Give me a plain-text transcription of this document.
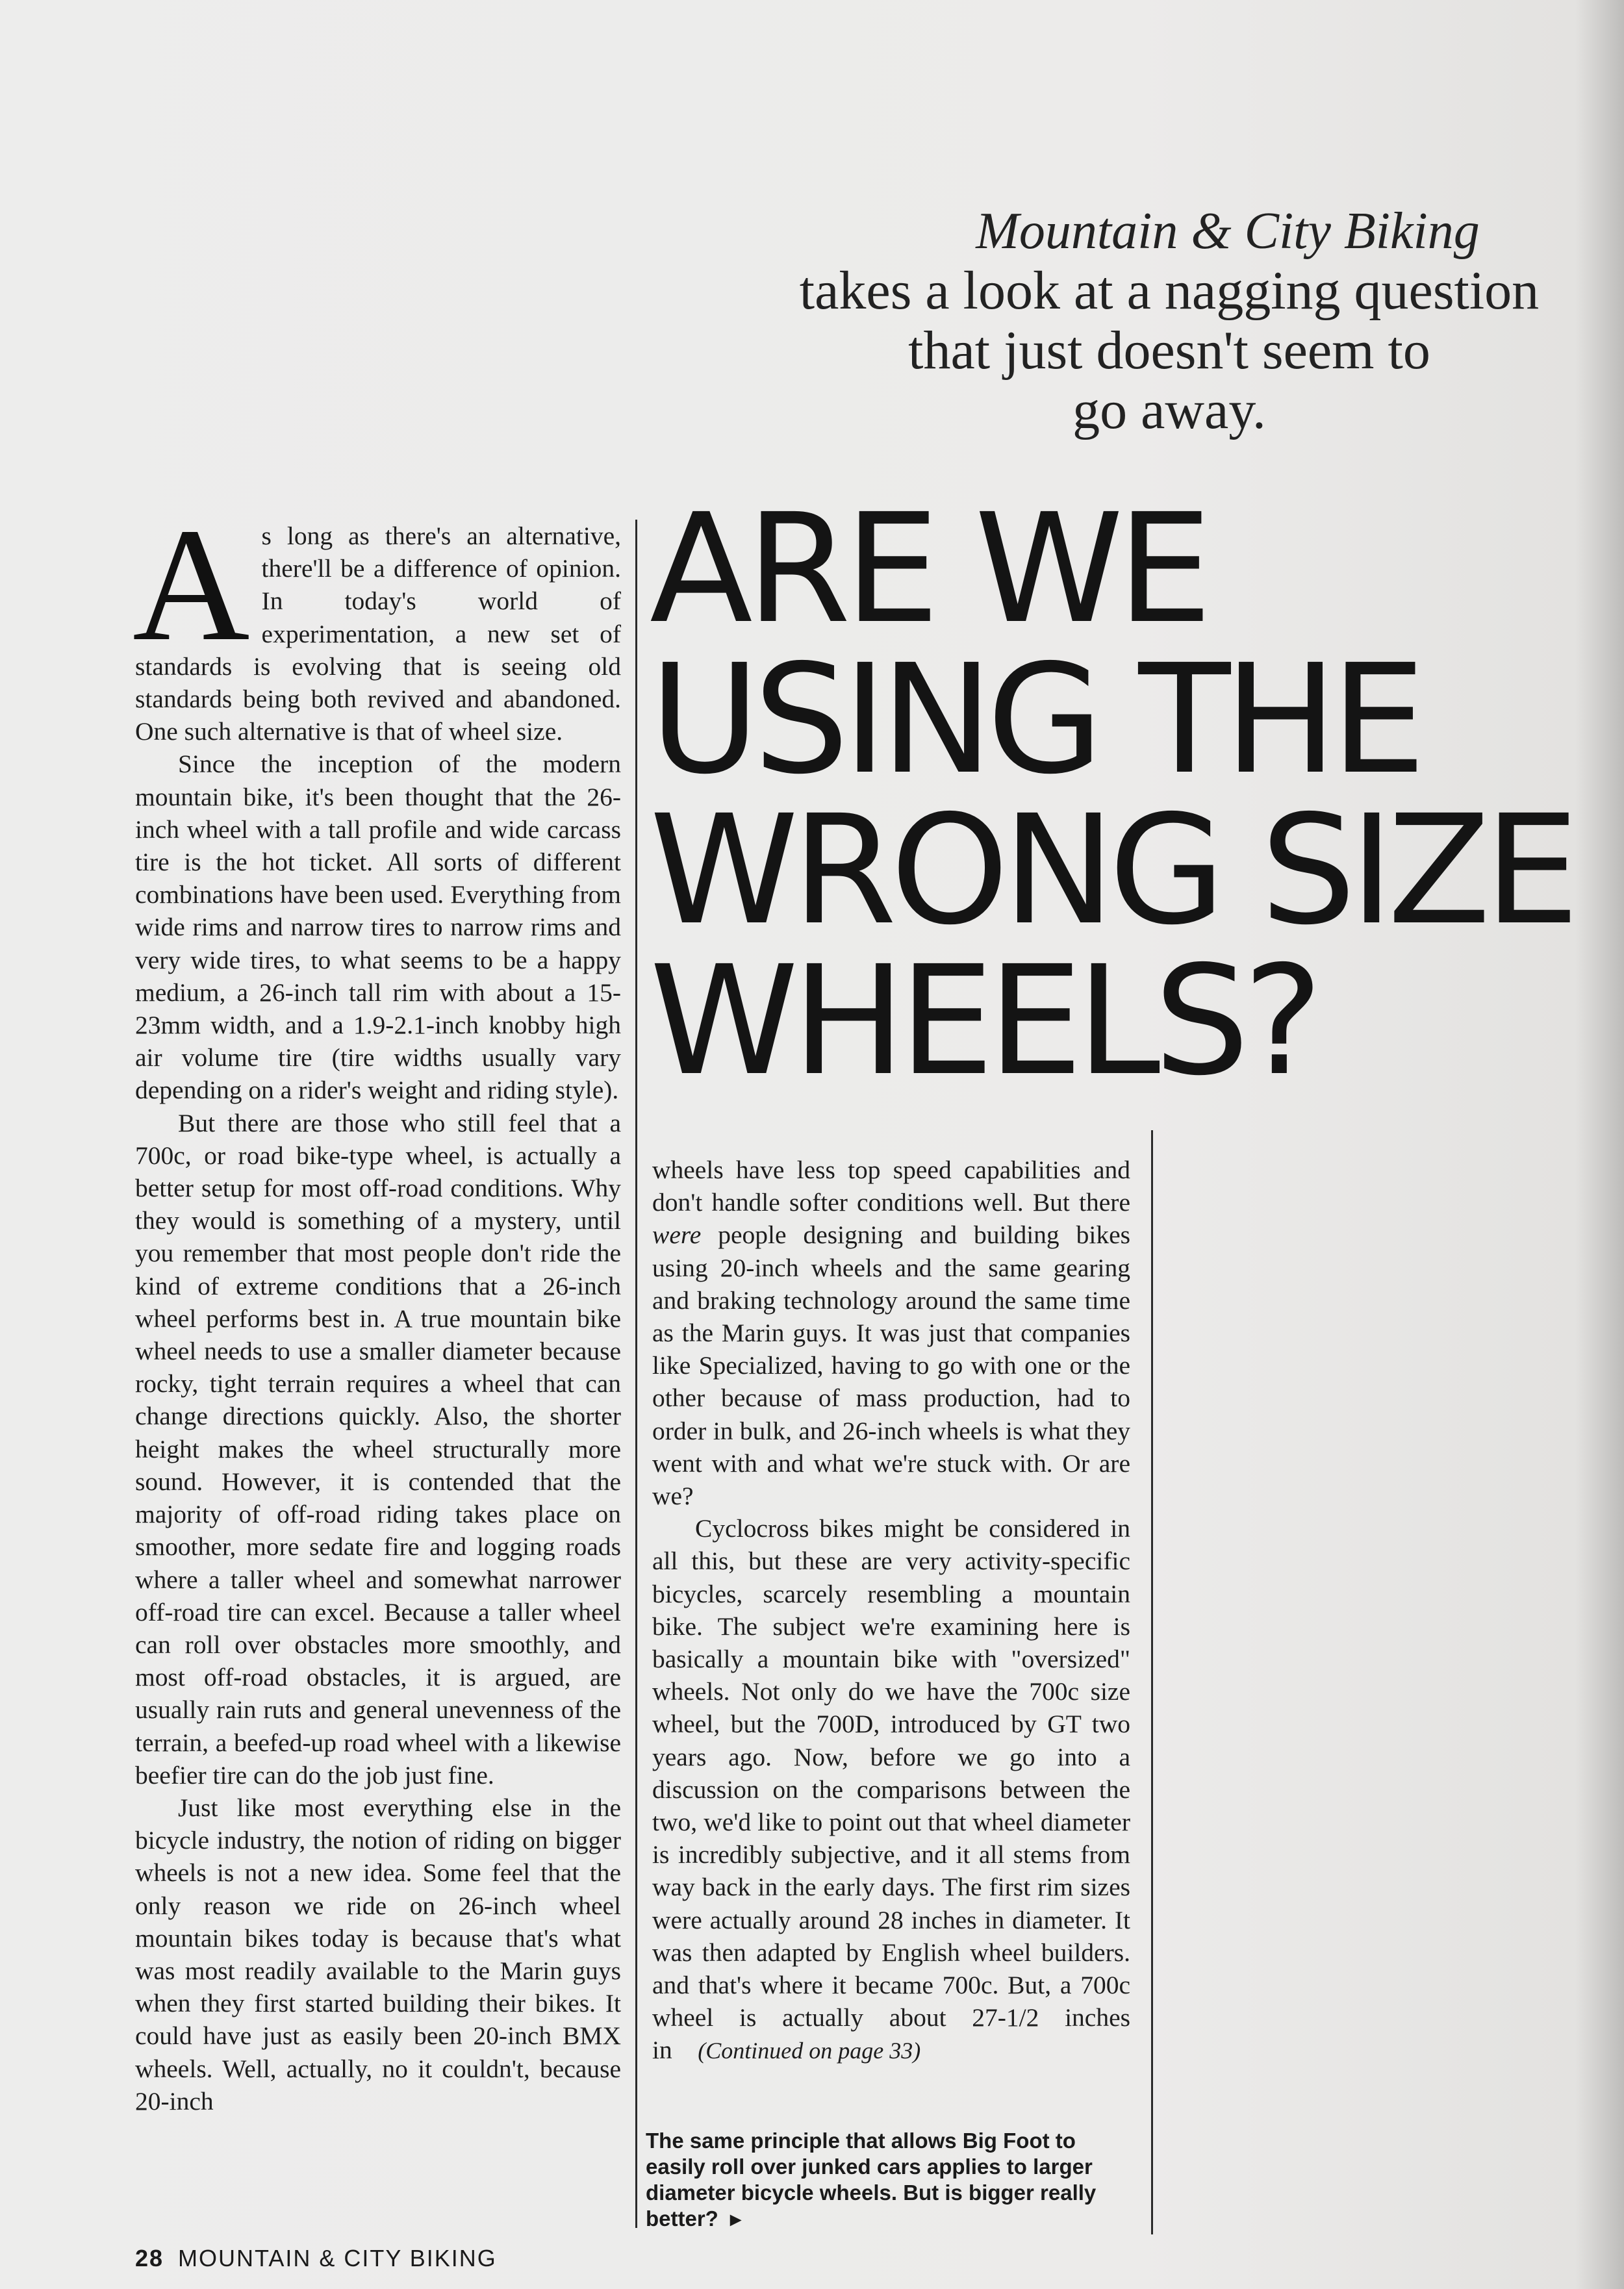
Mountain & City Biking
takes a look at a nagging question
that just doesn't seem to
go away.
ARE WE
USING THE
WRONG SIZE
WHEELS?

As long as there's an alternative, there'll be a difference of opinion. In today's world of experimentation, a new set of standards is evolving that is seeing old standards being both revived and abandoned. One such alternative is that of wheel size.

Since the inception of the modern mountain bike, it's been thought that the 26-inch wheel with a tall profile and wide carcass tire is the hot ticket. All sorts of different combinations have been used. Everything from wide rims and narrow tires to narrow rims and very wide tires, to what seems to be a happy medium, a 26-inch tall rim with about a 15-23mm width, and a 1.9-2.1-inch knobby high air volume tire (tire widths usually vary depending on a rider's weight and riding style).

But there are those who still feel that a 700c, or road bike-type wheel, is actually a better setup for most off-road conditions. Why they would is something of a mystery, until you remember that most people don't ride the kind of extreme conditions that a 26-inch wheel performs best in. A true mountain bike wheel needs to use a smaller diameter because rocky, tight terrain requires a wheel that can change directions quickly. Also, the shorter height makes the wheel structurally more sound. However, it is contended that the majority of off-road riding takes place on smoother, more sedate fire and logging roads where a taller wheel and somewhat narrower off-road tire can excel. Because a taller wheel can roll over obstacles more smoothly, and most off-road obstacles, it is argued, are usually rain ruts and general unevenness of the terrain, a beefed-up road wheel with a likewise beefier tire can do the job just fine.

Just like most everything else in the bicycle industry, the notion of riding on bigger wheels is not a new idea. Some feel that the only reason we ride on 26-inch wheel mountain bikes today is because that's what was most readily available to the Marin guys when they first started building their bikes. It could have just as easily been 20-inch BMX wheels. Well, actually, no it couldn't, because 20-inch

wheels have less top speed capabilities and don't handle softer conditions well. But there were people designing and building bikes using 20-inch wheels and the same gearing and braking technology around the same time as the Marin guys. It was just that companies like Specialized, having to go with one or the other because of mass production, had to order in bulk, and 26-inch wheels is what they went with and what we're stuck with. Or are we?

Cyclocross bikes might be considered in all this, but these are very activity-specific bicycles, scarcely resembling a mountain bike. The subject we're examining here is basically a mountain bike with "oversized" wheels. Not only do we have the 700c size wheel, but the 700D, introduced by GT two years ago. Now, before we go into a discussion on the comparisons between the two, we'd like to point out that wheel diameter is incredibly subjective, and it all stems from way back in the early days. The first rim sizes were actually around 28 inches in diameter. It was then adapted by English wheel builders. and that's where it became 700c. But, a 700c wheel is actually about 27-1/2 inches in (Continued on page 33)

The same principle that allows Big Foot to easily roll over junked cars applies to larger diameter bicycle wheels. But is bigger really better? ►
28 MOUNTAIN & CITY BIKING
